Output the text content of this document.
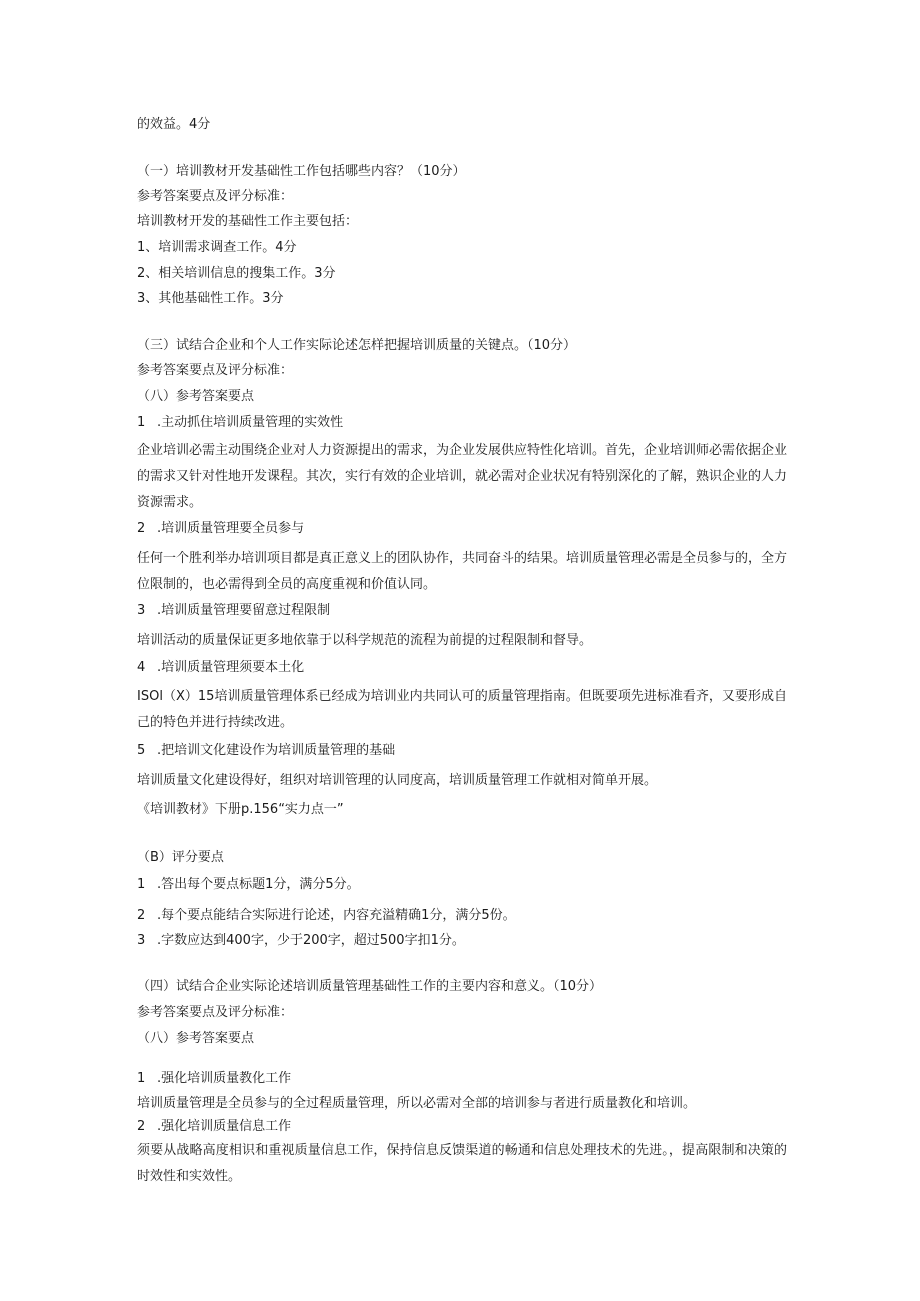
的效益。4分
（一）培训教材开发基础性工作包括哪些内容？（10分）
参考答案要点及评分标准：
培训教材开发的基础性工作主要包括：
1、培训需求调查工作。4分
2、相关培训信息的搜集工作。3分
3、其他基础性工作。3分
（三）试结合企业和个人工作实际论述怎样把握培训质量的关键点。（10分）
参考答案要点及评分标准：
（八）参考答案要点
1 .主动抓住培训质量管理的实效性
企业培训必需主动围绕企业对人力资源提出的需求，为企业发展供应特性化培训。首先，企业培训师必需依据企业的需求又针对性地开发课程。其次，实行有效的企业培训，就必需对企业状况有特别深化的了解，熟识企业的人力资源需求。
2 .培训质量管理要全员参与
任何一个胜利举办培训项目都是真正意义上的团队协作，共同奋斗的结果。培训质量管理必需是全员参与的，全方位限制的，也必需得到全员的高度重视和价值认同。
3 .培训质量管理要留意过程限制
培训活动的质量保证更多地依靠于以科学规范的流程为前提的过程限制和督导。
4 .培训质量管理须要本土化
ISOl（X）15培训质量管理体系已经成为培训业内共同认可的质量管理指南。但既要项先进标准看齐，又要形成自己的特色并进行持续改进。
5 .把培训文化建设作为培训质量管理的基础
培训质量文化建设得好，组织对培训管理的认同度高，培训质量管理工作就相对简单开展。
《培训教材》下册p.156“实力点一”
（B）评分要点
1 .答出每个要点标题1分，满分5分。
2 .每个要点能结合实际进行论述，内容充溢精确1分，满分5份。
3 .字数应达到400字，少于200字，超过500字扣1分。
（四）试结合企业实际论述培训质量管理基础性工作的主要内容和意义。（10分）
参考答案要点及评分标准：
（八）参考答案要点
1 .强化培训质量教化工作
培训质量管理是全员参与的全过程质量管理，所以必需对全部的培训参与者进行质量教化和培训。
2 .强化培训质量信息工作
须要从战略高度相识和重视质量信息工作，保持信息反馈渠道的畅通和信息处理技术的先进。，提高限制和决策的时效性和实效性。
